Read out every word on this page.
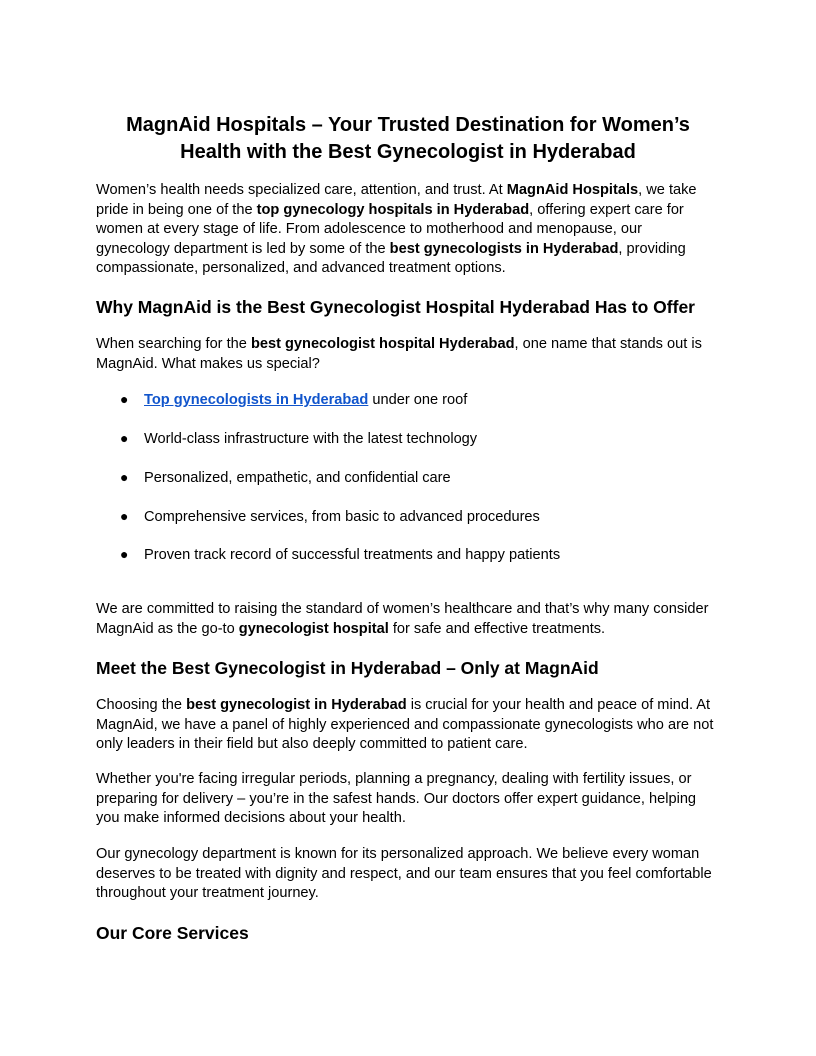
MagnAid Hospitals – Your Trusted Destination for Women’s
Health with the Best Gynecologist in Hyderabad
Women’s health needs specialized care, attention, and trust. At MagnAid Hospitals, we take
pride in being one of the top gynecology hospitals in Hyderabad, offering expert care for
women at every stage of life. From adolescence to motherhood and menopause, our
gynecology department is led by some of the best gynecologists in Hyderabad, providing
compassionate, personalized, and advanced treatment options.
Why MagnAid is the Best Gynecologist Hospital Hyderabad Has to Offer
When searching for the best gynecologist hospital Hyderabad, one name that stands out is
MagnAid. What makes us special?
● Top gynecologists in Hyderabad under one roof
● World-class infrastructure with the latest technology
● Personalized, empathetic, and confidential care
● Comprehensive services, from basic to advanced procedures
● Proven track record of successful treatments and happy patients
We are committed to raising the standard of women’s healthcare and that’s why many consider
MagnAid as the go-to gynecologist hospital for safe and effective treatments.
Meet the Best Gynecologist in Hyderabad – Only at MagnAid
Choosing the best gynecologist in Hyderabad is crucial for your health and peace of mind. At
MagnAid, we have a panel of highly experienced and compassionate gynecologists who are not
only leaders in their field but also deeply committed to patient care.
Whether you're facing irregular periods, planning a pregnancy, dealing with fertility issues, or
preparing for delivery – you’re in the safest hands. Our doctors offer expert guidance, helping
you make informed decisions about your health.
Our gynecology department is known for its personalized approach. We believe every woman
deserves to be treated with dignity and respect, and our team ensures that you feel comfortable
throughout your treatment journey.
Our Core Services
